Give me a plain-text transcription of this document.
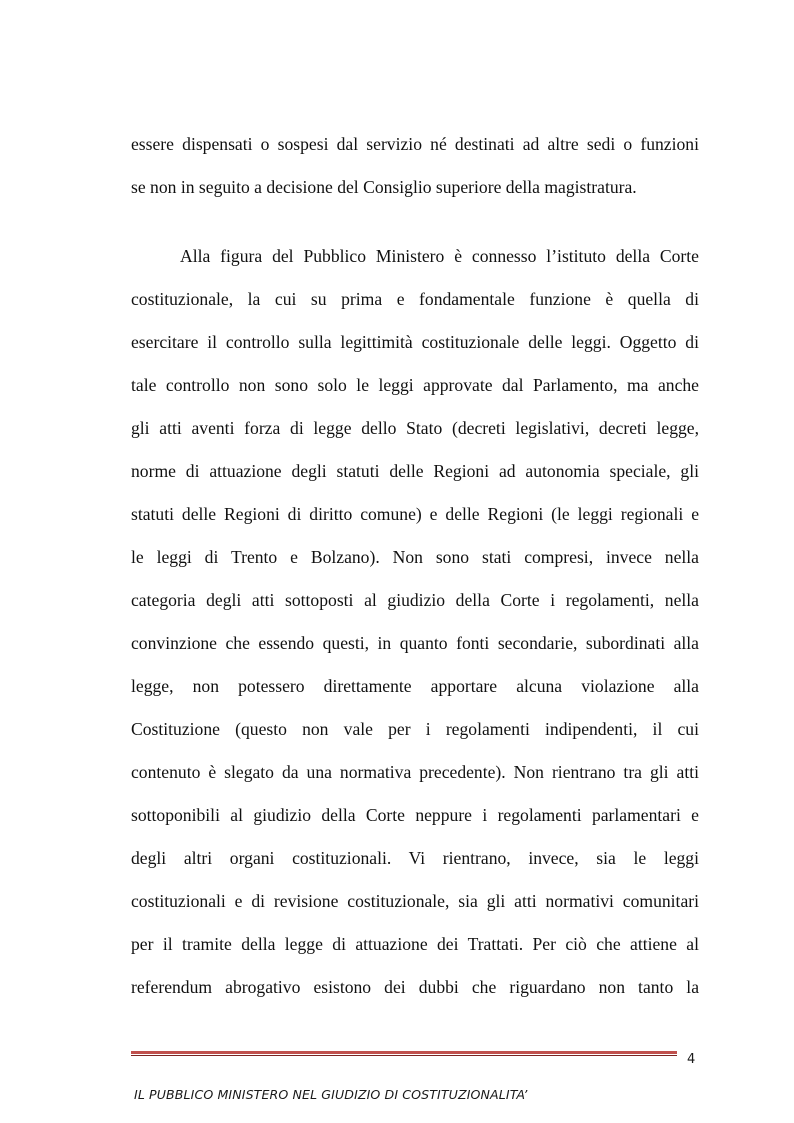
essere dispensati o sospesi dal servizio né destinati ad altre sedi o funzioni
se non in seguito a decisione del Consiglio superiore della magistratura.
Alla figura del Pubblico Ministero è connesso l’istituto della Corte
costituzionale, la cui su prima e fondamentale funzione è quella di
esercitare il controllo sulla legittimità costituzionale delle leggi. Oggetto di
tale controllo non sono solo le leggi approvate dal Parlamento, ma anche
gli atti aventi forza di legge dello Stato (decreti legislativi, decreti legge,
norme di attuazione degli statuti delle Regioni ad autonomia speciale, gli
statuti delle Regioni di diritto comune) e delle Regioni (le leggi regionali e
le leggi di Trento e Bolzano). Non sono stati compresi, invece nella
categoria degli atti sottoposti al giudizio della Corte i regolamenti, nella
convinzione che essendo questi, in quanto fonti secondarie, subordinati alla
legge, non potessero direttamente apportare alcuna violazione alla
Costituzione (questo non vale per i regolamenti indipendenti, il cui
contenuto è slegato da una normativa precedente). Non rientrano tra gli atti
sottoponibili al giudizio della Corte neppure i regolamenti parlamentari e
degli altri organi costituzionali. Vi rientrano, invece, sia le leggi
costituzionali e di revisione costituzionale, sia gli atti normativi comunitari
per il tramite della legge di attuazione dei Trattati. Per ciò che attiene al
referendum abrogativo esistono dei dubbi che riguardano non tanto la
IL PUBBLICO MINISTERO NEL GIUDIZIO DI COSTITUZIONALITA’
4
